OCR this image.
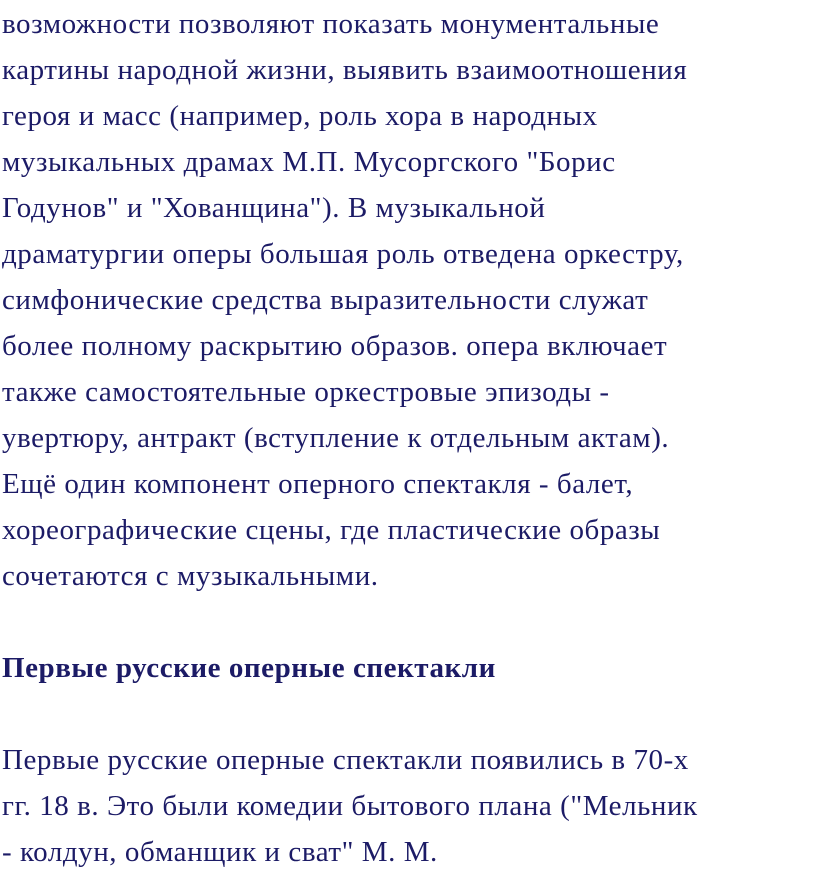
возможности позволяют показать монументальные
картины народной жизни, выявить взаимоотношения
героя и масс (например, роль хора в народных
музыкальных драмах М.П. Мусоргского "Борис
Годунов" и "Хованщина"). В музыкальной
драматургии оперы большая роль отведена оркестру,
симфонические средства выразительности служат
более полному раскрытию образов. опера включает
также самостоятельные оркестровые эпизоды -
увертюру, антракт (вступление к отдельным актам).
Ещё один компонент оперного спектакля - балет,
хореографические сцены, где пластические образы
сочетаются с музыкальными.
Первые русские оперные спектакли
Первые русские оперные спектакли появились в 70-х
гг. 18 в. Это были комедии бытового плана ("Мельник
- колдун, обманщик и сват" М. М.
